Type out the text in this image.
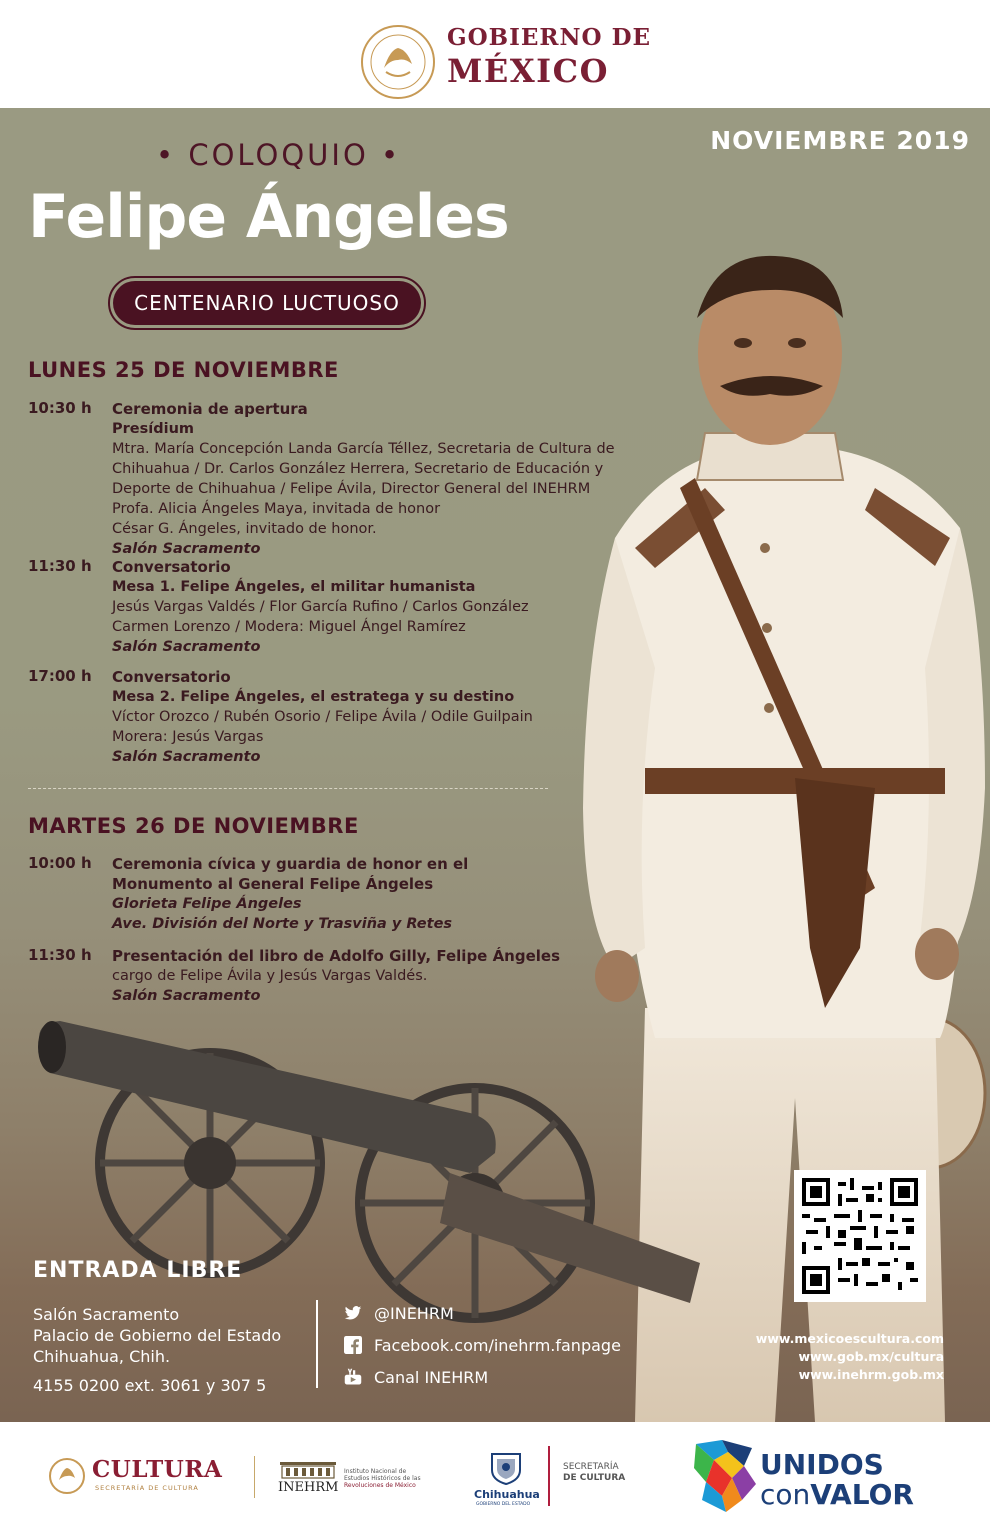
GOBIERNO DE
MÉXICO
• COLOQUIO •
Felipe Ángeles
NOVIEMBRE 2019
CENTENARIO LUCTUOSO
LUNES 25 DE NOVIEMBRE
10:30 h Ceremonia de apertura
Presídium
Mtra. María Concepción Landa García Téllez, Secretaria de Cultura de
Chihuahua / Dr. Carlos González Herrera, Secretario de Educación y
Deporte de Chihuahua / Felipe Ávila, Director General del INEHRM
Profa. Alicia Ángeles Maya, invitada de honor
César G. Ángeles, invitado de honor.
Salón Sacramento
11:30 h Conversatorio
Mesa 1. Felipe Ángeles, el militar humanista
Jesús Vargas Valdés / Flor García Rufino / Carlos González
Carmen Lorenzo / Modera: Miguel Ángel Ramírez
Salón Sacramento
17:00 h Conversatorio
Mesa 2. Felipe Ángeles, el estratega y su destino
Víctor Orozco / Rubén Osorio / Felipe Ávila / Odile Guilpain
Morera: Jesús Vargas
Salón Sacramento
MARTES 26 DE NOVIEMBRE
10:00 h Ceremonia cívica y guardia de honor en el
Monumento al General Felipe Ángeles
Glorieta Felipe Ángeles
Ave. División del Norte y Trasviña y Retes
11:30 h Presentación del libro de Adolfo Gilly, Felipe Ángeles
cargo de Felipe Ávila y Jesús Vargas Valdés.
Salón Sacramento
ENTRADA LIBRE
Salón Sacramento
Palacio de Gobierno del Estado
Chihuahua, Chih.
4155 0200 ext. 3061 y 307 5
@INEHRM
Facebook.com/inehrm.fanpage
Canal INEHRM
www.mexicoescultura.com
www.gob.mx/cultura
www.inehrm.gob.mx
CULTURA
SECRETARÍA DE CULTURA	INEHRM
Instituto Nacional de
Estudios Históricos de las
Revoluciones de México
Chihuahua
GOBIERNO DEL ESTADO
SECRETARÍA
DE CULTURA	UNIDOS
conVALOR
